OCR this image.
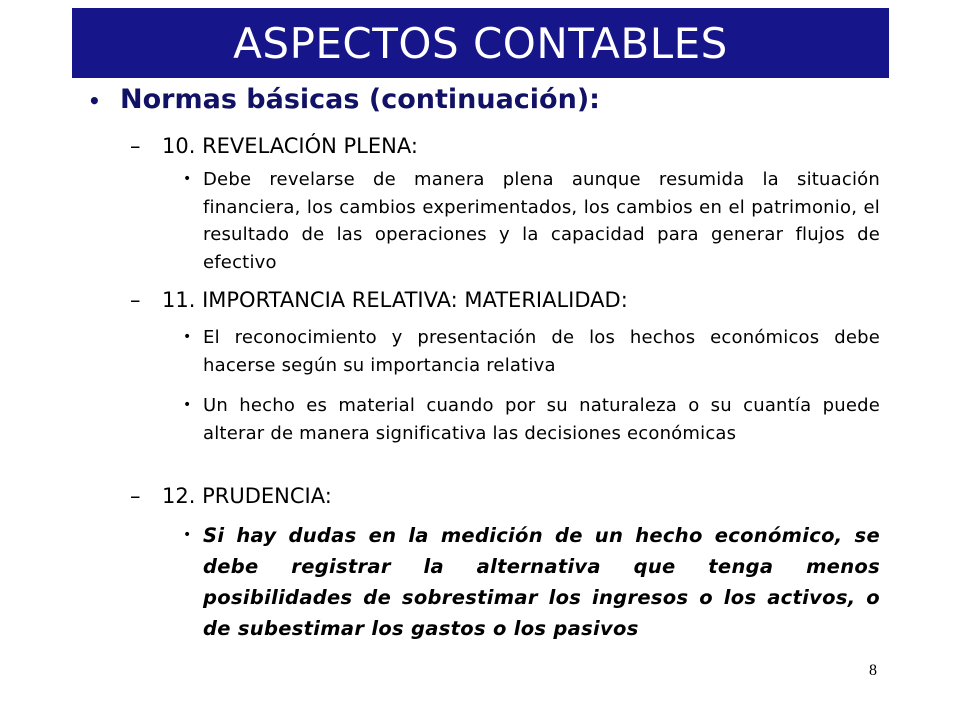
ASPECTOS CONTABLES
• Normas básicas (continuación):
–	10. REVELACIÓN PLENA:
• Debe revelarse de manera plena aunque resumida la situación financiera, los cambios experimentados, los cambios en el patrimonio, el resultado de las operaciones y la capacidad para generar flujos de efectivo
–	11. IMPORTANCIA RELATIVA: MATERIALIDAD:
• El reconocimiento y presentación de los hechos económicos debe hacerse según su importancia relativa
• Un hecho es material cuando por su naturaleza o su cuantía puede alterar de manera significativa las decisiones económicas
–	12. PRUDENCIA:
• Si hay dudas en la medición de un hecho económico, se debe registrar la alternativa que tenga menos posibilidades de sobrestimar los ingresos o los activos, o de subestimar los gastos o los pasivos
8
